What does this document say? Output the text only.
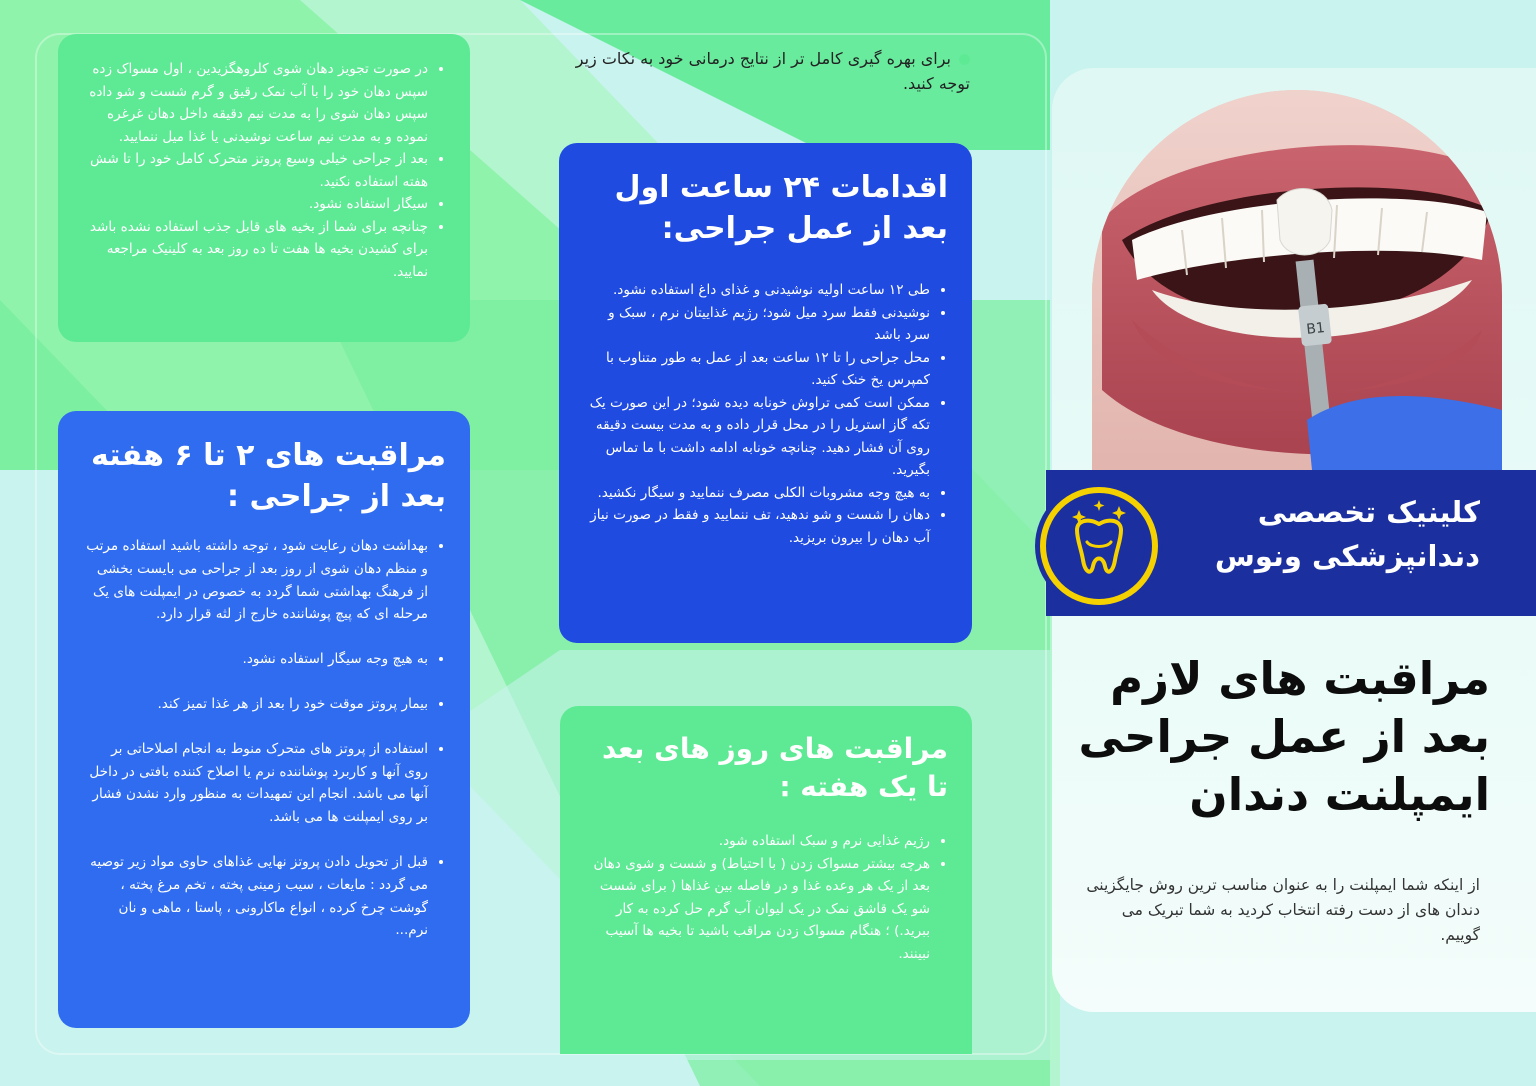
برای بهره گیری کامل تر از نتایج درمانی خود به نکات زیر توجه کنید.
• در صورت تجویز دهان شوی کلروهگزیدین ، اول مسواک زده سپس دهان خود را با آب نمک رقیق و گرم شست و شو داده سپس دهان شوی را به مدت نیم دقیقه داخل دهان غرغره نموده و به مدت نیم ساعت نوشیدنی یا غذا میل ننمایید.
• بعد از جراحی خیلی وسیع پروتز متحرک کامل خود را تا شش هفته استفاده نکنید.
• سیگار استفاده نشود.
• چنانچه برای شما از بخیه های قابل جذب استفاده نشده باشد برای کشیدن بخیه ها هفت تا ده روز بعد به کلینیک مراجعه نمایید.
اقدامات ۲۴ ساعت اول بعد از عمل جراحی:
• طی ۱۲ ساعت اولیه نوشیدنی و غذای داغ استفاده نشود.
• نوشیدنی فقط سرد میل شود؛ رژیم غذاییتان نرم ، سبک و سرد باشد
• محل جراحی را تا ۱۲ ساعت بعد از عمل به طور متناوب با کمپرس یخ خنک کنید.
• ممکن است کمی تراوش خونابه دیده شود؛ در این صورت یک تکه گاز استریل را در محل قرار داده و به مدت بیست دقیقه روی آن فشار دهید. چنانچه خونابه ادامه داشت با ما تماس بگیرید.
• به هیچ وجه مشروبات الکلی مصرف ننمایید و سیگار نکشید.
• دهان را شست و شو ندهید، تف ننمایید و فقط در صورت نیاز آب دهان را بیرون بریزید.
مراقبت های ۲ تا ۶ هفته بعد از جراحی :
• بهداشت دهان رعایت شود ، توجه داشته باشید استفاده مرتب و منظم دهان شوی از روز بعد از جراحی می بایست بخشی از فرهنگ بهداشتی شما گردد به خصوص در ایمپلنت های یک مرحله ای که پیچ پوشاننده خارج از لثه قرار دارد.
• به هیچ وجه سیگار استفاده نشود.
• بیمار پروتز موقت خود را بعد از هر غذا تمیز کند.
• استفاده از پروتز های متحرک منوط به انجام اصلاحاتی بر روی آنها و کاربرد پوشاننده نرم یا اصلاح کننده بافتی در داخل آنها می باشد. انجام این تمهیدات به منظور وارد نشدن فشار بر روی ایمپلنت ها می باشد.
• قبل از تحویل دادن پروتز نهایی غذاهای حاوی مواد زیر توصیه می گردد : مایعات ، سیب زمینی پخته ، تخم مرغ پخته ، گوشت چرخ کرده ، انواع ماکارونی ، پاستا ، ماهی و نان نرم...
مراقبت های روز های بعد تا یک هفته :
• رژیم غذایی نرم و سبک استفاده شود.
• هرچه بیشتر مسواک زدن ( با احتیاط) و شست و شوی دهان بعد از یک هر وعده غذا و در فاصله بین غذاها ( برای شست شو یک قاشق نمک در یک لیوان آب گرم حل کرده به کار ببرید.) ؛ هنگام مسواک زدن مراقب باشید تا بخیه ها آسیب نبینند.
B1
کلینیک تخصصی
دندانپزشکی ونوس
مراقبت های لازم
بعد از عمل جراحی
ایمپلنت دندان
از اینکه شما ایمپلنت را به عنوان مناسب ترین روش جایگزینی دندان های از دست رفته انتخاب کردید به شما تبریک می گوییم.
